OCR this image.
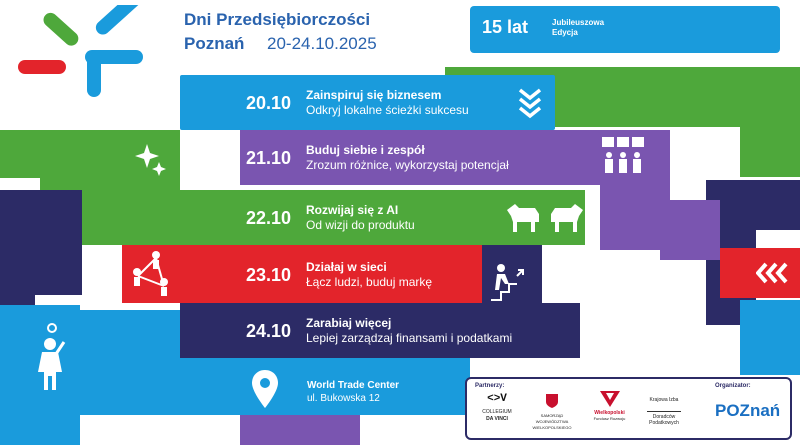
Dni Przedsiębiorczości
Poznań 20-24.10.2025
15 lat	Jubileuszowa
Edycja
20.10	Zainspiruj się biznesem
Odkryj lokalne ścieżki sukcesu
21.10	Buduj siebie i zespół
Zrozum różnice, wykorzystaj potencjał
22.10	Rozwijaj się z AI
Od wizji do produktu
23.10	Działaj w sieci
Łącz ludzi, buduj markę
24.10	Zarabiaj więcej
Lepiej zarządzaj finansami i podatkami
World Trade Center
ul. Bukowska 12
Partnerzy:	Organizator:
<>V
COLLEGIUM
DA VINCI
SAMORZĄD
WOJEWÓDZTWA WIELKOPOLSKIEGO
Wielkopolski
Fundusz Rozwoju
Krajowa Izba
Doradców Podatkowych
POZnań
